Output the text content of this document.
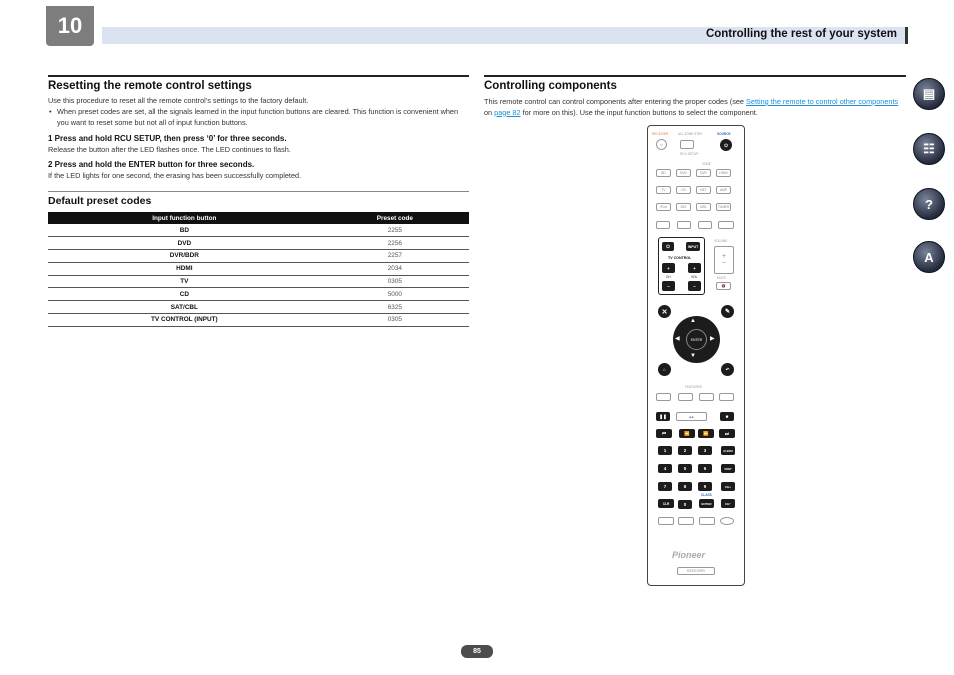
10	Controlling the rest of your system
▤
☷
?
A
Resetting the remote control settings
Use this procedure to reset all the remote control’s settings to the factory default.
• When preset codes are set, all the signals learned in the input function buttons are cleared. This function is convenient when you want to reset some but not all of input function buttons.
1 Press and hold RCU SETUP, then press ‘0’ for three seconds.
Release the button after the LED flashes once. The LED continues to flash.
2 Press and hold the ENTER button for three seconds.
If the LED lights for one second, the erasing has been successfully completed.
Default preset codes
Input function button	Preset code
BD	2255
DVD	2256
DVR/BDR	2257
HDMI	2034
TV	0305
CD	5000
SAT/CBL	6325
TV CONTROL (INPUT)	0305
Controlling components
This remote control can control components after entering the proper codes (see Setting the remote to control other components on page 82 for more on this). Use the input function buttons to select the component.
RECEIVER	ALL ZONE STBY	SOURCE
⏻	⏻
RCU SETUP
ZONE
BD	DVD	DVR	HDMI
TV	CD	NET	AMP
iPod	SAT	MHL	TUNER
⏻	INPUT
TV CONTROL
+	+
CH	VOL
−	−
VOLUME
+
−
MUTE
🔇
✕	✎
▲
▼
◀	▶
ENTER
⌂	↶
FEATURES
❚❚	◀ ▶	■
⏮	⏪	⏩	⏭
1	2	3
4	5	6
7	8	9
0
AUDIO
DISP
CH+
CLR
CLASS
ENTER	CH−
Pioneer
RECEIVER
85
